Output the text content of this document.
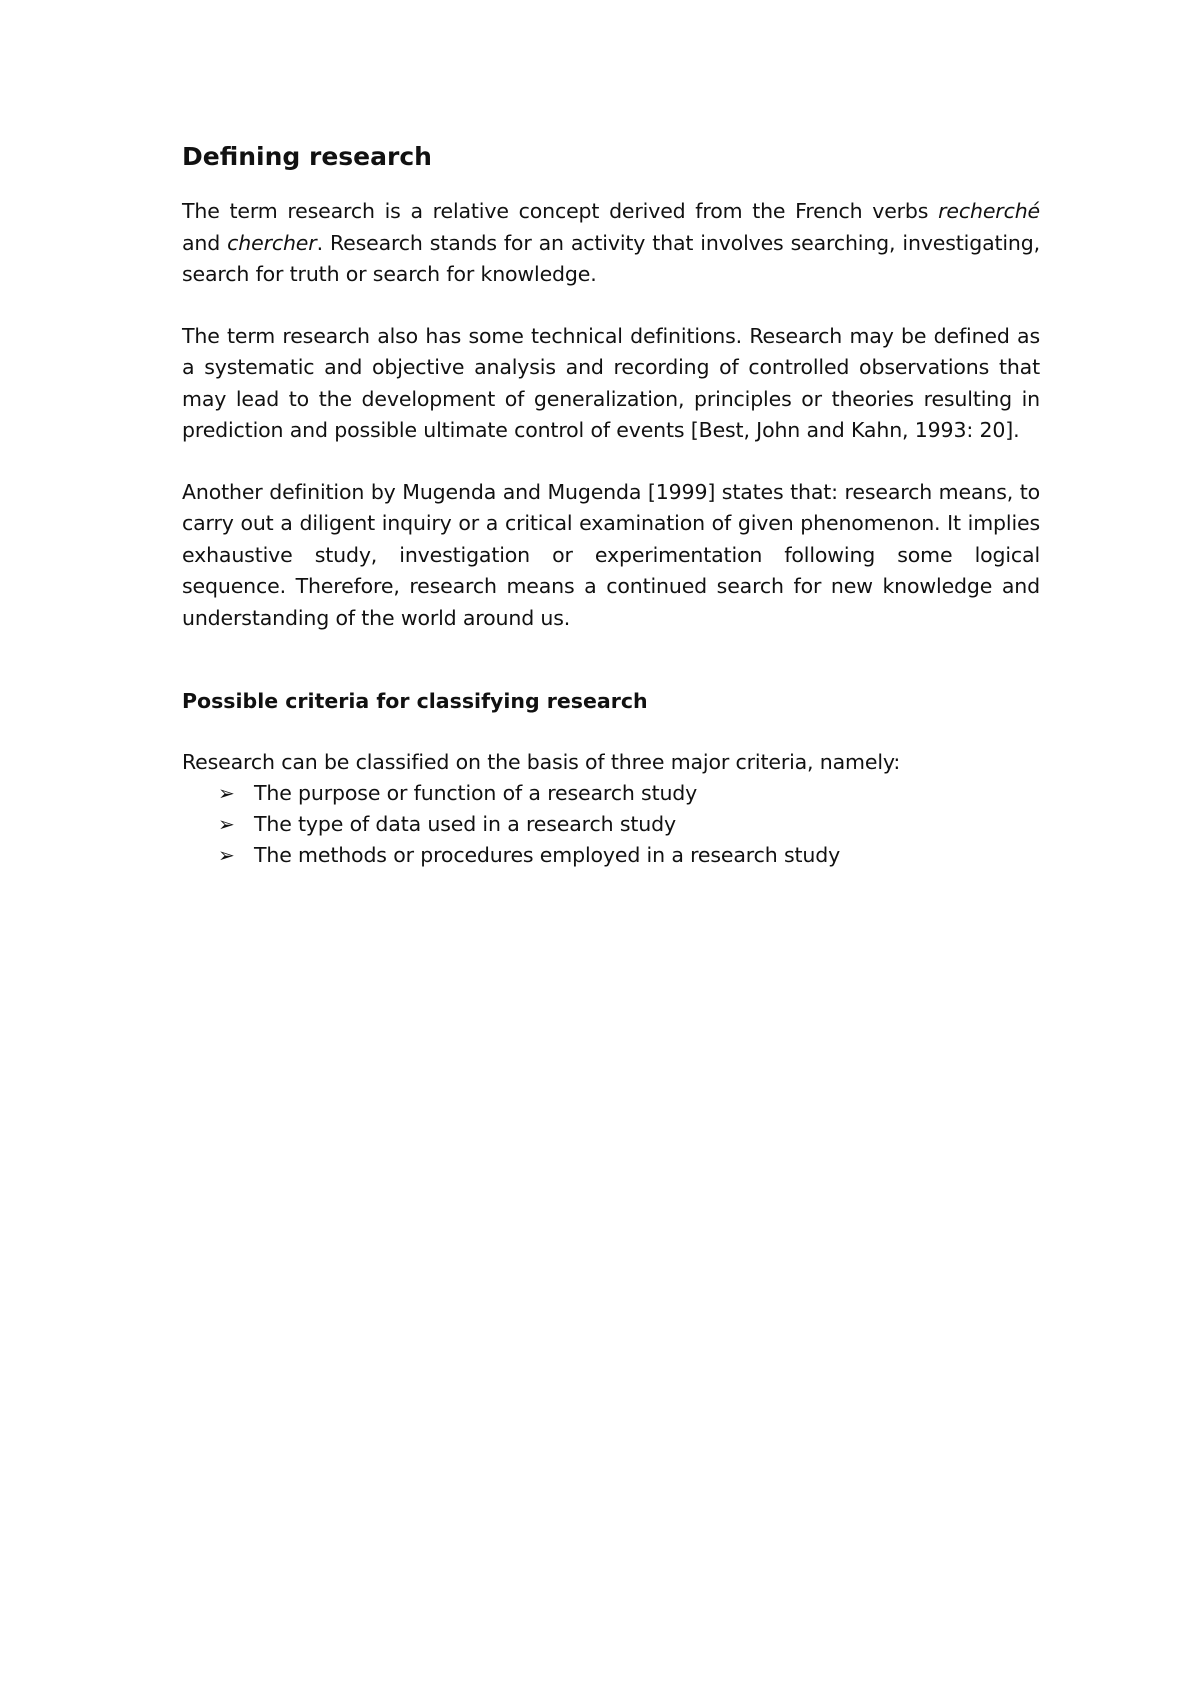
Defining research

The term research is a relative concept derived from the French verbs recherché and chercher. Research stands for an activity that involves searching, investigating, search for truth or search for knowledge.

The term research also has some technical definitions. Research may be defined as a systematic and objective analysis and recording of controlled observations that may lead to the development of generalization, principles or theories resulting in prediction and possible ultimate control of events [Best, John and Kahn, 1993: 20].

Another definition by Mugenda and Mugenda [1999] states that: research means, to carry out a diligent inquiry or a critical examination of given phenomenon. It implies exhaustive study, investigation or experimentation following some logical sequence. Therefore, research means a continued search for new knowledge and understanding of the world around us.

Possible criteria for classifying research

Research can be classified on the basis of three major criteria, namely:

➢ The purpose or function of a research study
➢ The type of data used in a research study
➢ The methods or procedures employed in a research study
